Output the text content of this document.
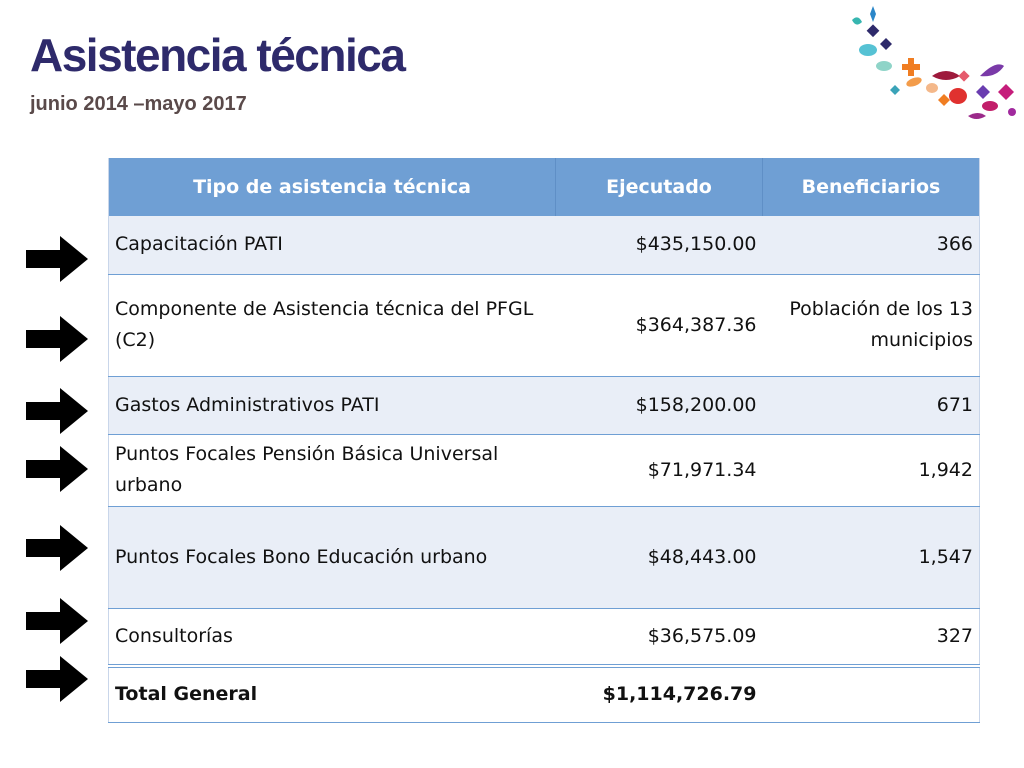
Asistencia técnica
junio 2014 –mayo 2017
Tipo de asistencia técnica	Ejecutado	Beneficiarios
Capacitación PATI	$435,150.00	366
Componente de Asistencia técnica del PFGL (C2)	$364,387.36	Población de los 13 municipios
Gastos Administrativos PATI	$158,200.00	671
Puntos Focales Pensión Básica Universal urbano	$71,971.34	1,942
Puntos Focales Bono Educación urbano	$48,443.00	1,547
Consultorías	$36,575.09	327
Total General	$1,114,726.79	
